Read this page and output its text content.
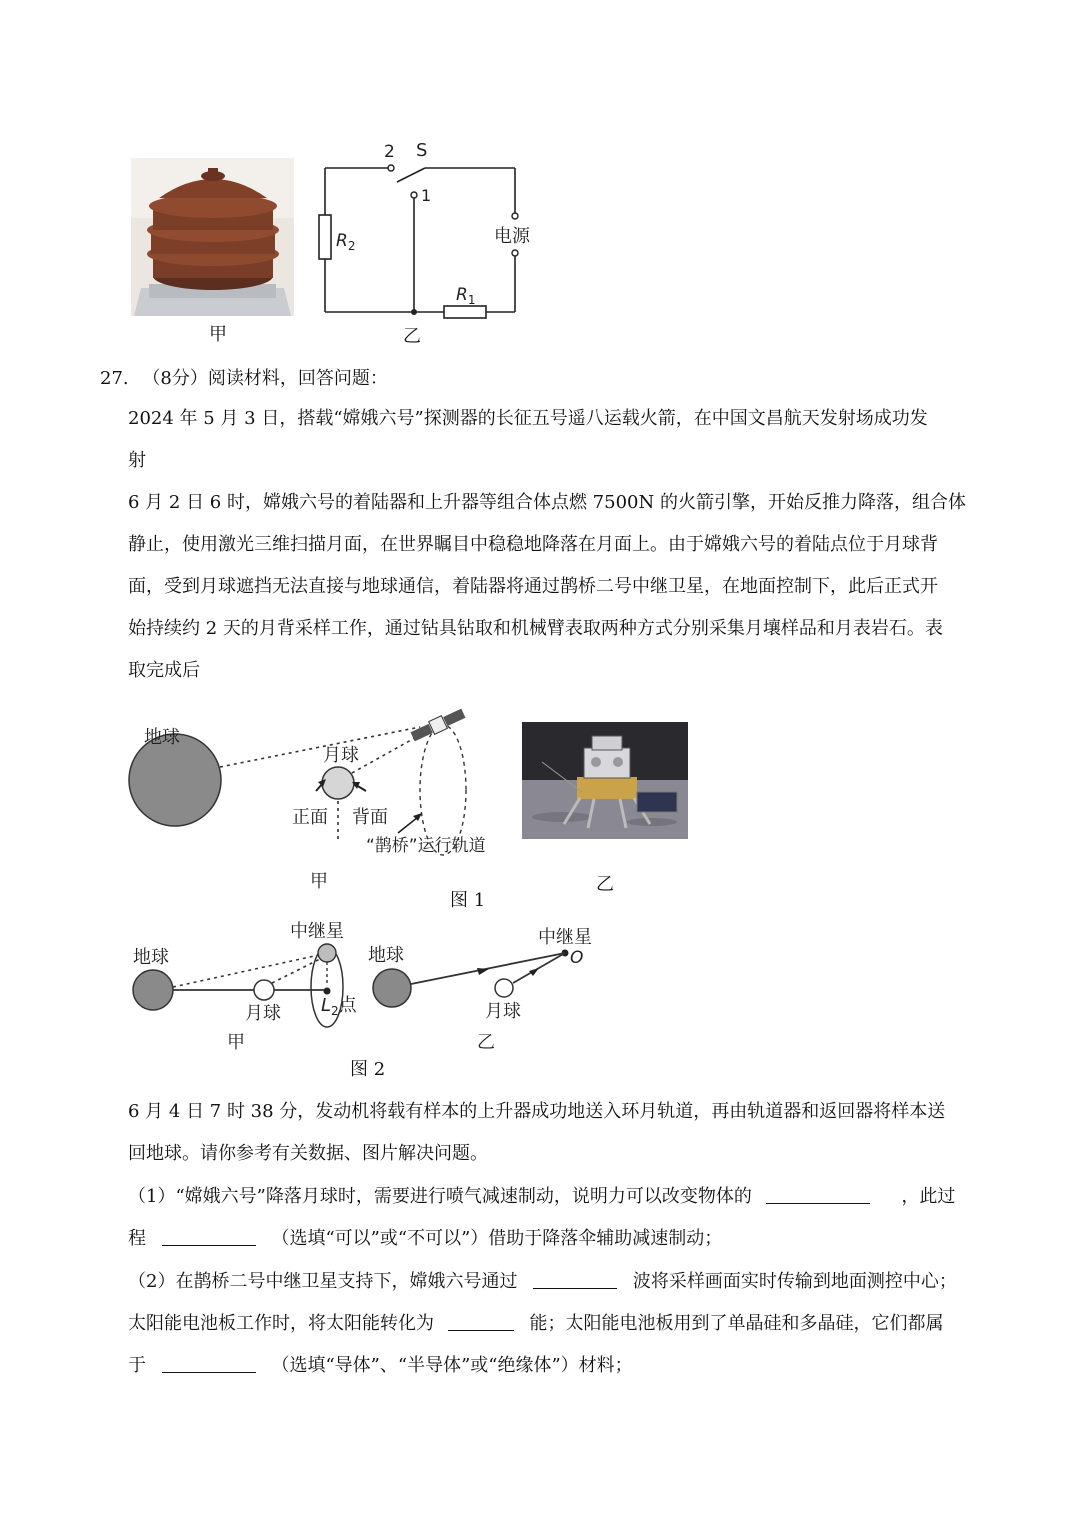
甲
2 S
1
$R_2$
$R_1$
电源
乙
27. （8分）阅读材料，回答问题：
2024 年 5 月 3 日，搭载“嫦娥六号”探测器的长征五号遥八运载火箭，在中国文昌航天发射场成功发
射
6 月 2 日 6 时，嫦娥六号的着陆器和上升器等组合体点燃 7500N 的火箭引擎，开始反推力降落，组合体
静止，使用激光三维扫描月面，在世界瞩目中稳稳地降落在月面上。由于嫦娥六号的着陆点位于月球背
面，受到月球遮挡无法直接与地球通信，着陆器将通过鹊桥二号中继卫星，在地面控制下，此后正式开
始持续约 2 天的月背采样工作，通过钻具钻取和机械臂表取两种方式分别采集月壤样品和月表岩石。表
取完成后
地球
月球
正面 背面
“鹊桥”运行轨道
甲	乙
图 1
地球
中继星
月球 $L_2$点
甲
地球
中继星
O
月球
乙
图 2
6 月 4 日 7 时 38 分，发动机将载有样本的上升器成功地送入环月轨道，再由轨道器和返回器将样本送
回地球。请你参考有关数据、图片解决问题。
（1）“嫦娥六号”降落月球时，需要进行喷气减速制动，说明力可以改变物体的	，此过
程	（选填“可以”或“不可以”）借助于降落伞辅助减速制动；
（2）在鹊桥二号中继卫星支持下，嫦娥六号通过	波将采样画面实时传输到地面测控中心；
太阳能电池板工作时，将太阳能转化为	能；太阳能电池板用到了单晶硅和多晶硅，它们都属
于	（选填“导体”、“半导体”或“绝缘体”）材料；
